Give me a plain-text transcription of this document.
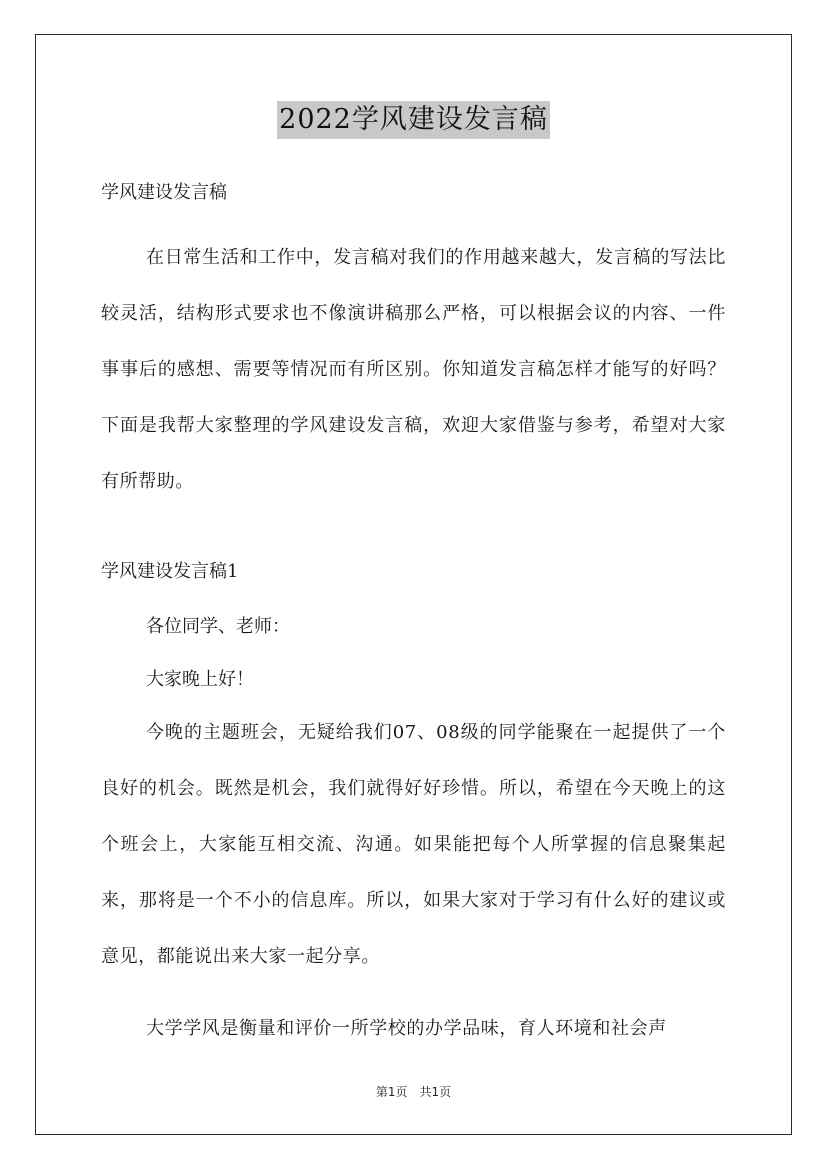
2022学风建设发言稿
学风建设发言稿
在日常生活和工作中，发言稿对我们的作用越来越大，发言稿的写法比较灵活，结构形式要求也不像演讲稿那么严格，可以根据会议的内容、一件事事后的感想、需要等情况而有所区别。你知道发言稿怎样才能写的好吗？下面是我帮大家整理的学风建设发言稿，欢迎大家借鉴与参考，希望对大家有所帮助。
学风建设发言稿1
各位同学、老师：
大家晚上好！
今晚的主题班会，无疑给我们07、08级的同学能聚在一起提供了一个良好的机会。既然是机会，我们就得好好珍惜。所以，希望在今天晚上的这个班会上，大家能互相交流、沟通。如果能把每个人所掌握的信息聚集起来，那将是一个不小的信息库。所以，如果大家对于学习有什么好的建议或意见，都能说出来大家一起分享。
大学学风是衡量和评价一所学校的办学品味，育人环境和社会声
第1页　共1页
